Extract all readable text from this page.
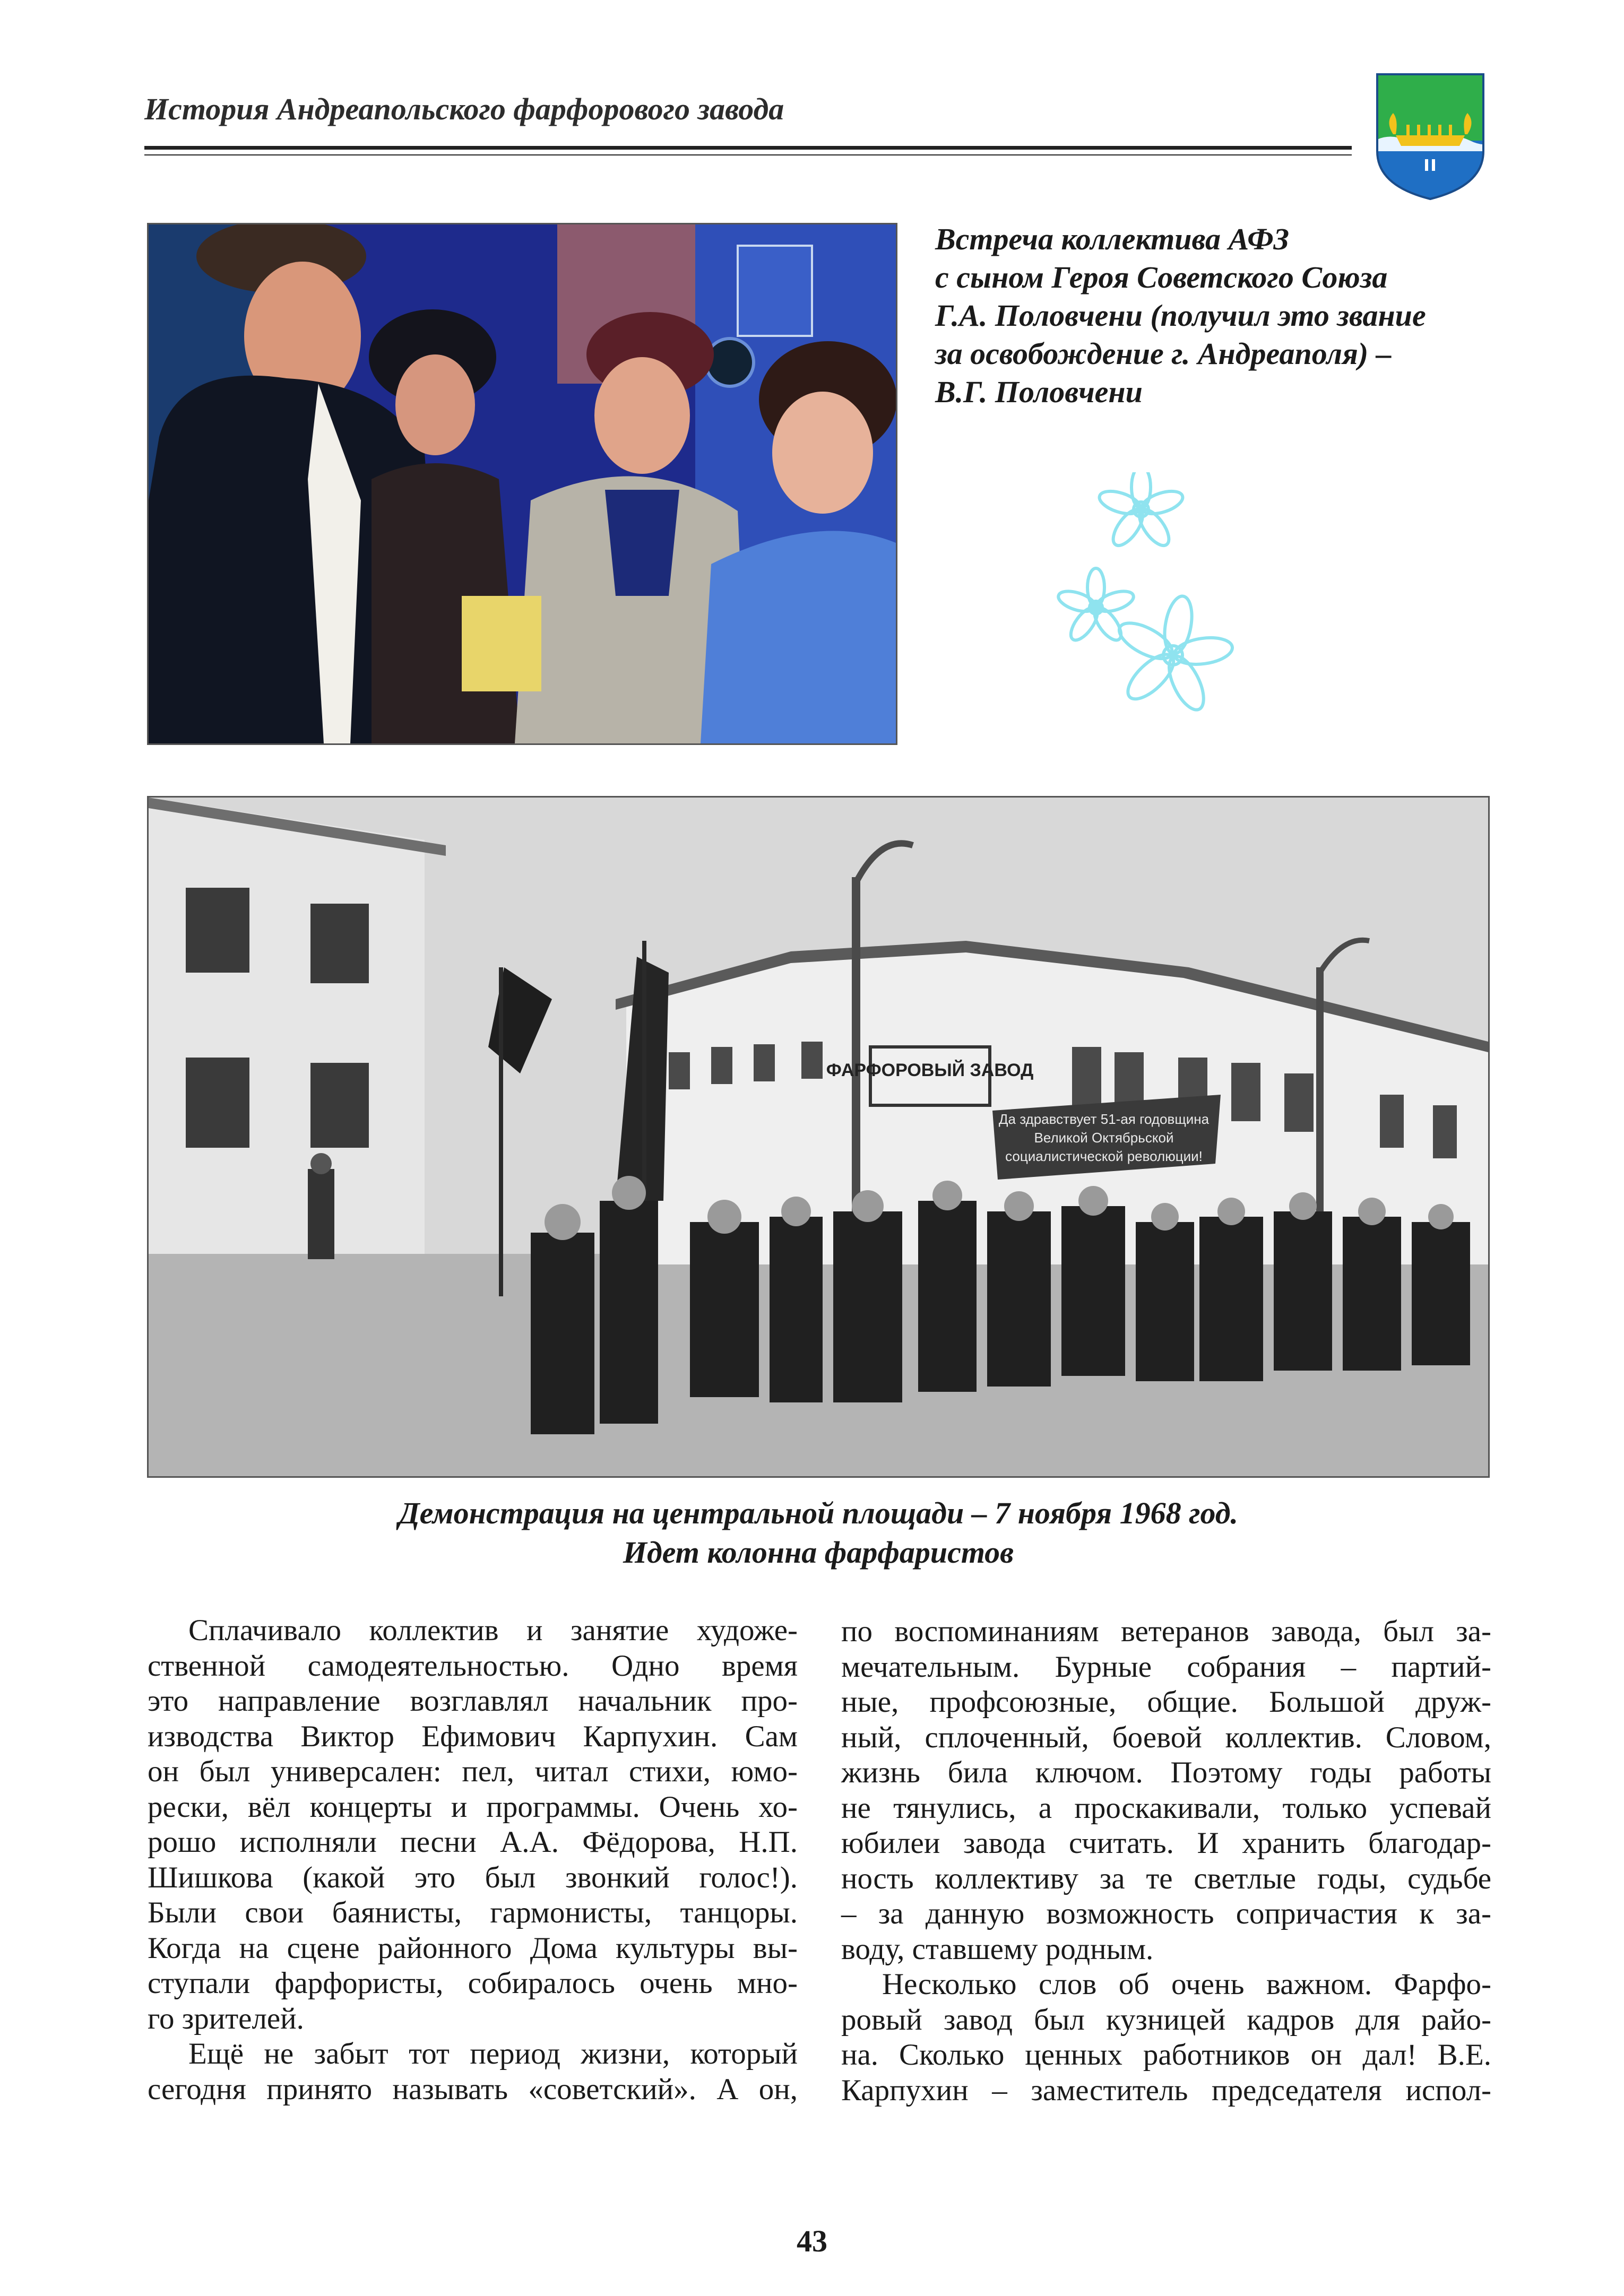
История Андреапольского фарфорового завода
Встреча коллектива АФЗ
с сыном Героя Советского Союза
Г.А. Половчени (получил это звание
за освобождение г. Андреаполя) –
В.Г. Половчени
ФАРФОРОВЫЙ ЗАВОД
Да здравствует 51-ая годовщина
Великой Октябрьской
социалистической революции!
Демонстрация на центральной площади – 7 ноября 1968 год.
Идет колонна фарфаристов
Сплачивало коллектив и занятие художе-
ственной самодеятельностью. Одно время
это направление возглавлял начальник про-
изводства Виктор Ефимович Карпухин. Сам
он был универсален: пел, читал стихи, юмо-
рески, вёл концерты и программы. Очень хо-
рошо исполняли песни А.А. Фёдорова, Н.П.
Шишкова (какой это был звонкий голос!).
Были свои баянисты, гармонисты, танцоры.
Когда на сцене районного Дома культуры вы-
ступали фарфористы, собиралось очень мно-
го зрителей.
Ещё не забыт тот период жизни, который
сегодня принято называть «советский». А он,
по воспоминаниям ветеранов завода, был за-
мечательным. Бурные собрания – партий-
ные, профсоюзные, общие. Большой друж-
ный, сплоченный, боевой коллектив. Словом,
жизнь била ключом. Поэтому годы работы
не тянулись, а проскакивали, только успевай
юбилеи завода считать. И хранить благодар-
ность коллективу за те светлые годы, судьбе
– за данную возможность сопричастия к за-
воду, ставшему родным.
Несколько слов об очень важном. Фарфо-
ровый завод был кузницей кадров для райо-
на. Сколько ценных работников он дал! В.Е.
Карпухин – заместитель председателя испол-
43
